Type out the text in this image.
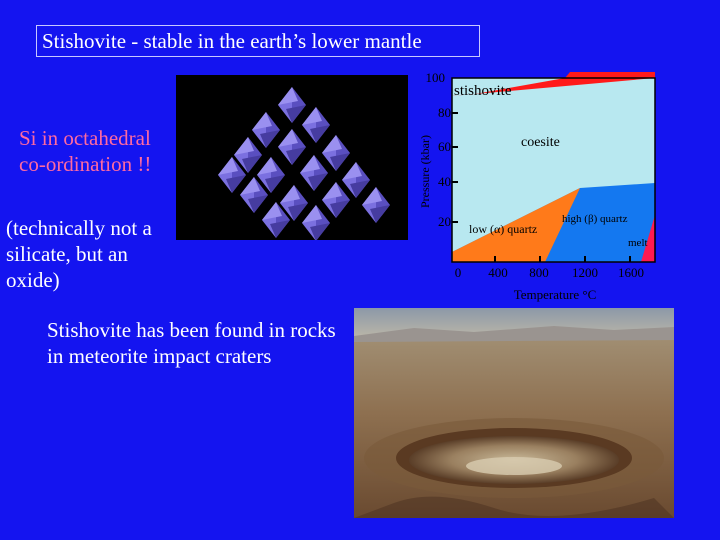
Stishovite - stable in the earth’s lower mantle
Si in octahedral co-ordination !!
(technically not a silicate, but an oxide)
Stishovite has been found in rocks in meteorite impact craters
100
80
60
40
20
0 400 800 1200 1600
Temperature °C
Pressure (kbar)
stishovite
coesite
low (α) quartz
high (β) quartz
melt
